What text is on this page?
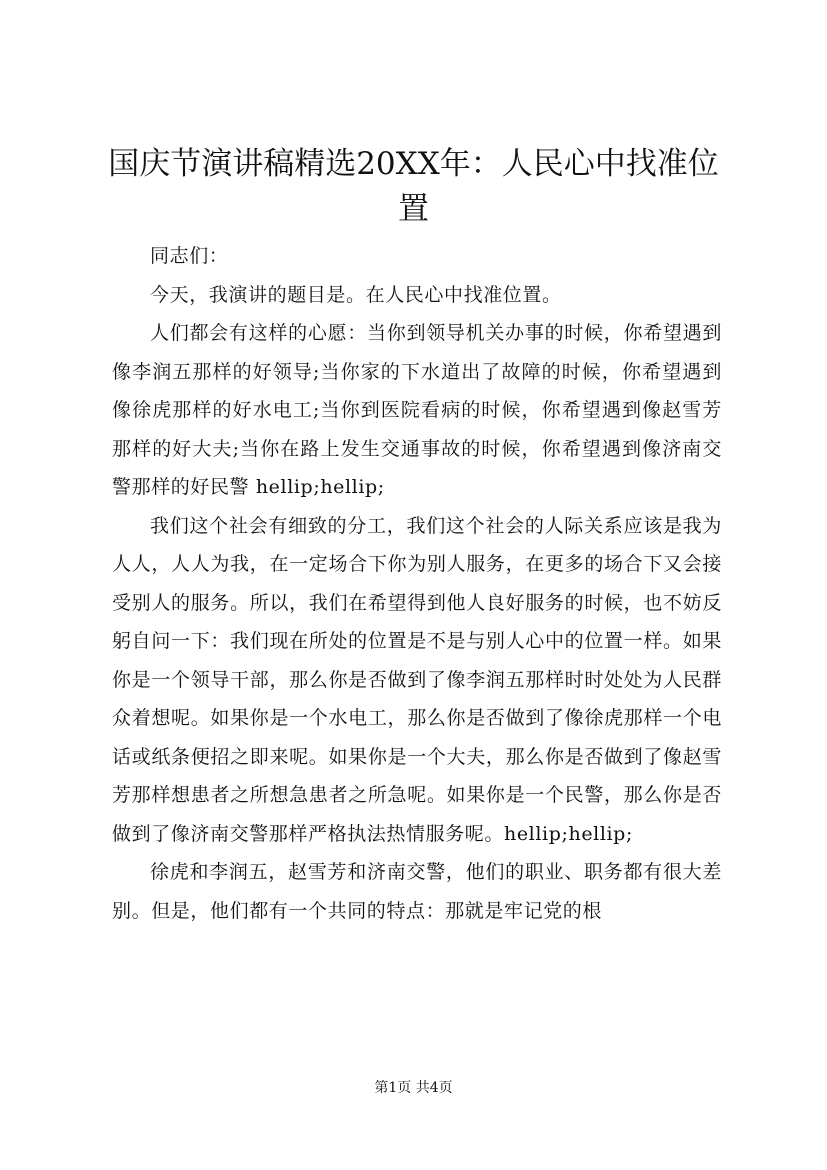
国庆节演讲稿精选20XX年：人民心中找准位置

同志们：

今天，我演讲的题目是。在人民心中找准位置。

人们都会有这样的心愿：当你到领导机关办事的时候，你希望遇到像李润五那样的好领导;当你家的下水道出了故障的时候，你希望遇到像徐虎那样的好水电工;当你到医院看病的时候，你希望遇到像赵雪芳那样的好大夫;当你在路上发生交通事故的时候，你希望遇到像济南交警那样的好民警 hellip;hellip;

我们这个社会有细致的分工，我们这个社会的人际关系应该是我为人人，人人为我，在一定场合下你为别人服务，在更多的场合下又会接受别人的服务。所以，我们在希望得到他人良好服务的时候，也不妨反躬自问一下：我们现在所处的位置是不是与别人心中的位置一样。如果你是一个领导干部，那么你是否做到了像李润五那样时时处处为人民群众着想呢。如果你是一个水电工，那么你是否做到了像徐虎那样一个电话或纸条便招之即来呢。如果你是一个大夫，那么你是否做到了像赵雪芳那样想患者之所想急患者之所急呢。如果你是一个民警，那么你是否做到了像济南交警那样严格执法热情服务呢。hellip;hellip;

徐虎和李润五，赵雪芳和济南交警，他们的职业、职务都有很大差别。但是，他们都有一个共同的特点：那就是牢记党的根

第1页 共4页
